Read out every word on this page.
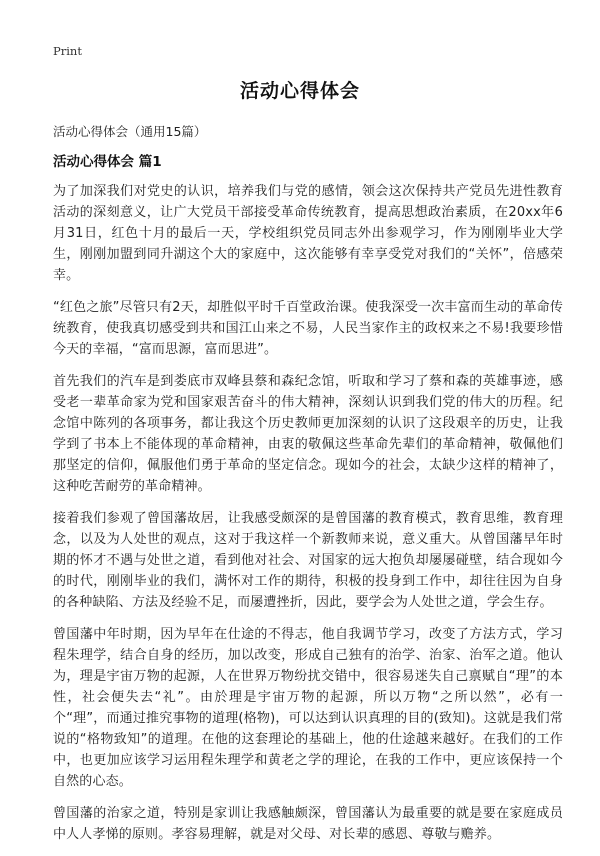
Print
活动心得体会
活动心得体会（通用15篇）
活动心得体会 篇1

为了加深我们对党史的认识，培养我们与党的感情，领会这次保持共产党员先进性教育活动的深刻意义，让广大党员干部接受革命传统教育，提高思想政治素质，在20xx年6月31日，红色十月的最后一天，学校组织党员同志外出参观学习，作为刚刚毕业大学生，刚刚加盟到同升湖这个大的家庭中，这次能够有幸享受党对我们的“关怀”，倍感荣幸。

“红色之旅”尽管只有2天，却胜似平时千百堂政治课。使我深受一次丰富而生动的革命传统教育，使我真切感受到共和国江山来之不易，人民当家作主的政权来之不易!我要珍惜今天的幸福，“富而思源，富而思进”。

首先我们的汽车是到娄底市双峰县蔡和森纪念馆，听取和学习了蔡和森的英雄事迹，感受老一辈革命家为党和国家艰苦奋斗的伟大精神，深刻认识到我们党的伟大的历程。纪念馆中陈列的各项事务，都让我这个历史教师更加深刻的认识了这段艰辛的历史，让我学到了书本上不能体现的革命精神，由衷的敬佩这些革命先辈们的革命精神，敬佩他们那坚定的信仰，佩服他们勇于革命的坚定信念。现如今的社会，太缺少这样的精神了，这种吃苦耐劳的革命精神。

接着我们参观了曾国藩故居，让我感受颇深的是曾国藩的教育模式，教育思维，教育理念，以及为人处世的观点，这对于我这样一个新教师来说，意义重大。从曾国藩早年时期的怀才不遇与处世之道，看到他对社会、对国家的远大抱负却屡屡碰壁，结合现如今的时代，刚刚毕业的我们，满怀对工作的期待，积极的投身到工作中，却往往因为自身的各种缺陷、方法及经验不足，而屡遭挫折，因此，要学会为人处世之道，学会生存。

曾国藩中年时期，因为早年在仕途的不得志，他自我调节学习，改变了方法方式，学习程朱理学，结合自身的经历，加以改变，形成自己独有的治学、治家、治军之道。他认为，理是宇宙万物的起源，人在世界万物纷扰交错中，很容易迷失自己禀赋自“理”的本性，社会便失去“礼”。由於理是宇宙万物的起源，所以万物“之所以然”，必有一个“理”，而通过推究事物的道理(格物)，可以达到认识真理的目的(致知)。这就是我们常说的“格物致知”的道理。在他的这套理论的基础上，他的仕途越来越好。在我们的工作中，也更加应该学习运用程朱理学和黄老之学的理论，在我的工作中，更应该保持一个自然的心态。

曾国藩的治家之道，特别是家训让我感触颇深，曾国藩认为最重要的就是要在家庭成员中人人孝悌的原则。孝容易理解，就是对父母、对长辈的感恩、尊敬与赡养。
